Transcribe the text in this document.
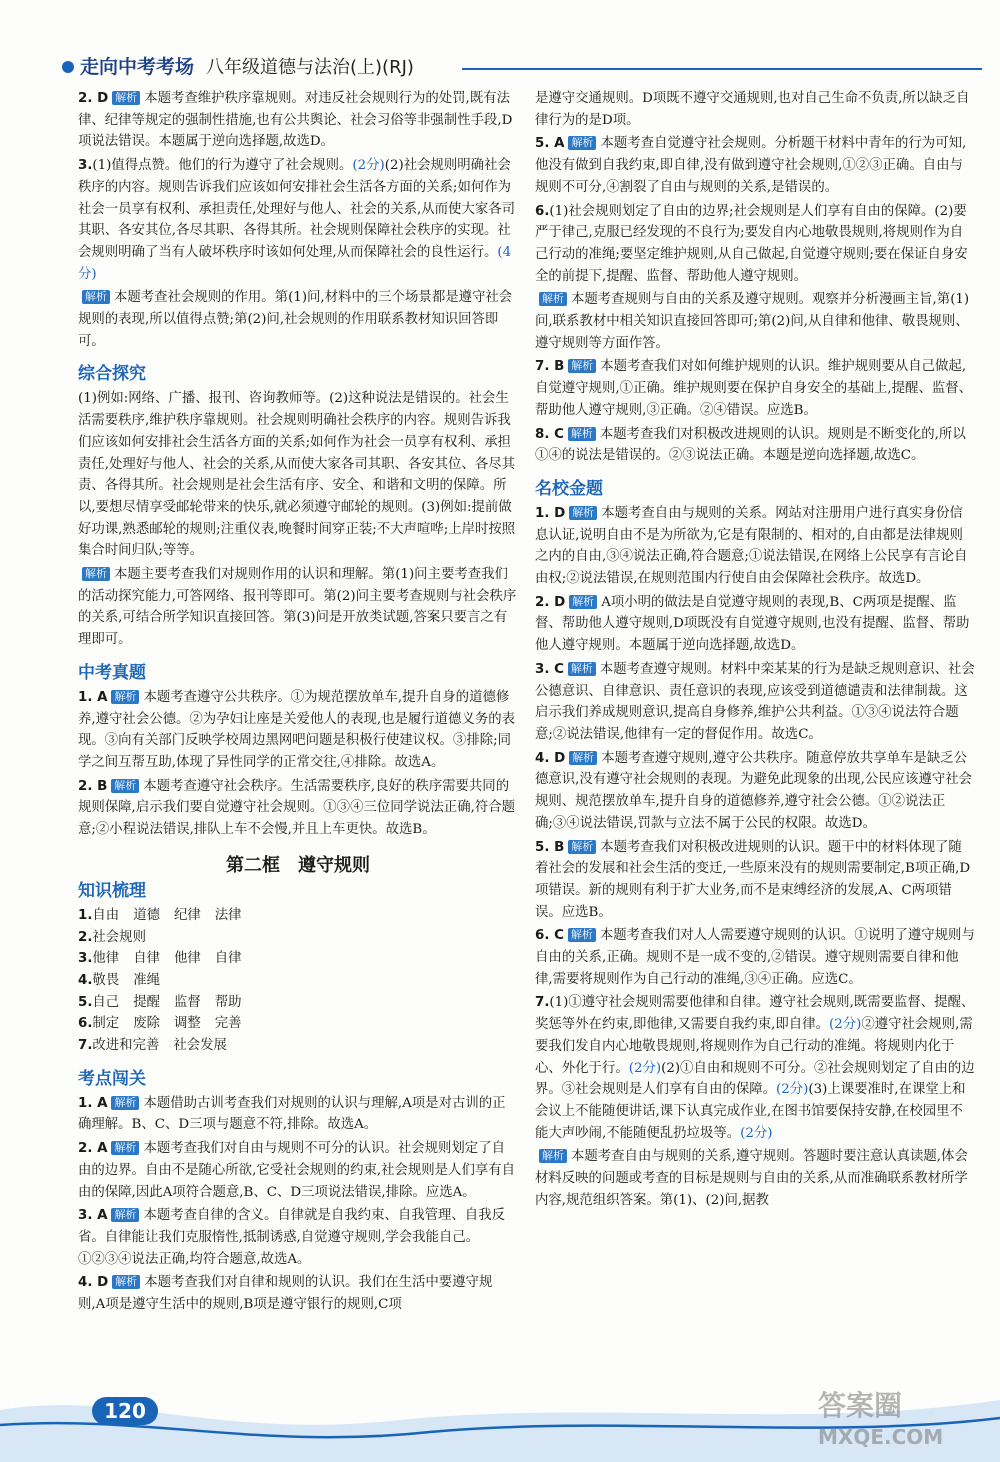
走向中考考场 八年级道德与法治(上)(RJ)

2. D 解析 本题考查维护秩序靠规则。对违反社会规则行为的处罚,既有法律、纪律等规定的强制性措施,也有公共舆论、社会习俗等非强制性手段,D项说法错误。本题属于逆向选择题,故选D。

3.(1)值得点赞。他们的行为遵守了社会规则。(2分)(2)社会规则明确社会秩序的内容。规则告诉我们应该如何安排社会生活各方面的关系;如何作为社会一员享有权利、承担责任,处理好与他人、社会的关系,从而使大家各司其职、各安其位,各尽其职、各得其所。社会规则保障社会秩序的实现。社会规则明确了当有人破坏秩序时该如何处理,从而保障社会的良性运行。(4分)

解析 本题考查社会规则的作用。第(1)问,材料中的三个场景都是遵守社会规则的表现,所以值得点赞;第(2)问,社会规则的作用联系教材知识回答即可。

综合探究

(1)例如:网络、广播、报刊、咨询教师等。(2)这种说法是错误的。社会生活需要秩序,维护秩序靠规则。社会规则明确社会秩序的内容。规则告诉我们应该如何安排社会生活各方面的关系;如何作为社会一员享有权利、承担责任,处理好与他人、社会的关系,从而使大家各司其职、各安其位、各尽其责、各得其所。社会规则是社会生活有序、安全、和谐和文明的保障。所以,要想尽情享受邮轮带来的快乐,就必须遵守邮轮的规则。(3)例如:提前做好功课,熟悉邮轮的规则;注重仪表,晚餐时间穿正装;不大声喧哗;上岸时按照集合时间归队;等等。

解析 本题主要考查我们对规则作用的认识和理解。第(1)问主要考查我们的活动探究能力,可答网络、报刊等即可。第(2)问主要考查规则与社会秩序的关系,可结合所学知识直接回答。第(3)问是开放类试题,答案只要言之有理即可。

中考真题

1. A 解析 本题考查遵守公共秩序。①为规范摆放单车,提升自身的道德修养,遵守社会公德。②为孕妇让座是关爱他人的表现,也是履行道德义务的表现。③向有关部门反映学校周边黑网吧问题是积极行使建议权。③排除;同学之间互帮互助,体现了异性同学的正常交往,④排除。故选A。

2. B 解析 本题考查遵守社会秩序。生活需要秩序,良好的秩序需要共同的规则保障,启示我们要自觉遵守社会规则。①③④三位同学说法正确,符合题意;②小程说法错误,排队上车不会慢,并且上车更快。故选B。

第二框　遵守规则
知识梳理

1.自由 道德 纪律 法律

2.社会规则

3.他律 自律 他律 自律

4.敬畏 准绳

5.自己 提醒 监督 帮助

6.制定 废除 调整 完善

7.改进和完善 社会发展

考点闯关

1. A 解析 本题借助古训考查我们对规则的认识与理解,A项是对古训的正确理解。B、C、D三项与题意不符,排除。故选A。

2. A 解析 本题考查我们对自由与规则不可分的认识。社会规则划定了自由的边界。自由不是随心所欲,它受社会规则的约束,社会规则是人们享有自由的保障,因此A项符合题意,B、C、D三项说法错误,排除。应选A。

3. A 解析 本题考查自律的含义。自律就是自我约束、自我管理、自我反省。自律能让我们克服惰性,抵制诱惑,自觉遵守规则,学会我能自己。①②③④说法正确,均符合题意,故选A。

4. D 解析 本题考查我们对自律和规则的认识。我们在生活中要遵守规则,A项是遵守生活中的规则,B项是遵守银行的规则,C项

是遵守交通规则。D项既不遵守交通规则,也对自己生命不负责,所以缺乏自律行为的是D项。

5. A 解析 本题考查自觉遵守社会规则。分析题干材料中青年的行为可知,他没有做到自我约束,即自律,没有做到遵守社会规则,①②③正确。自由与规则不可分,④割裂了自由与规则的关系,是错误的。

6.(1)社会规则划定了自由的边界;社会规则是人们享有自由的保障。(2)要严于律己,克服已经发现的不良行为;要发自内心地敬畏规则,将规则作为自己行动的准绳;要坚定维护规则,从自己做起,自觉遵守规则;要在保证自身安全的前提下,提醒、监督、帮助他人遵守规则。

解析 本题考查规则与自由的关系及遵守规则。观察并分析漫画主旨,第(1)问,联系教材中相关知识直接回答即可;第(2)问,从自律和他律、敬畏规则、遵守规则等方面作答。

7. B 解析 本题考查我们对如何维护规则的认识。维护规则要从自己做起,自觉遵守规则,①正确。维护规则要在保护自身安全的基础上,提醒、监督、帮助他人遵守规则,③正确。②④错误。应选B。

8. C 解析 本题考查我们对积极改进规则的认识。规则是不断变化的,所以①④的说法是错误的。②③说法正确。本题是逆向选择题,故选C。

名校金题

1. D 解析 本题考查自由与规则的关系。网站对注册用户进行真实身份信息认证,说明自由不是为所欲为,它是有限制的、相对的,自由都是法律规则之内的自由,③④说法正确,符合题意;①说法错误,在网络上公民享有言论自由权;②说法错误,在规则范围内行使自由会保障社会秩序。故选D。

2. D 解析 A项小明的做法是自觉遵守规则的表现,B、C两项是提醒、监督、帮助他人遵守规则,D项既没有自觉遵守规则,也没有提醒、监督、帮助他人遵守规则。本题属于逆向选择题,故选D。

3. C 解析 本题考查遵守规则。材料中栾某某的行为是缺乏规则意识、社会公德意识、自律意识、责任意识的表现,应该受到道德谴责和法律制裁。这启示我们养成规则意识,提高自身修养,维护公共利益。①③④说法符合题意;②说法错误,他律有一定的督促作用。故选C。

4. D 解析 本题考查遵守规则,遵守公共秩序。随意停放共享单车是缺乏公德意识,没有遵守社会规则的表现。为避免此现象的出现,公民应该遵守社会规则、规范摆放单车,提升自身的道德修养,遵守社会公德。①②说法正确;③④说法错误,罚款与立法不属于公民的权限。故选D。

5. B 解析 本题考查我们对积极改进规则的认识。题干中的材料体现了随着社会的发展和社会生活的变迁,一些原来没有的规则需要制定,B项正确,D项错误。新的规则有利于扩大业务,而不是束缚经济的发展,A、C两项错误。应选B。

6. C 解析 本题考查我们对人人需要遵守规则的认识。①说明了遵守规则与自由的关系,正确。规则不是一成不变的,②错误。遵守规则需要自律和他律,需要将规则作为自己行动的准绳,③④正确。应选C。

7.(1)①遵守社会规则需要他律和自律。遵守社会规则,既需要监督、提醒、奖惩等外在约束,即他律,又需要自我约束,即自律。(2分)②遵守社会规则,需要我们发自内心地敬畏规则,将规则作为自己行动的准绳。将规则内化于心、外化于行。(2分)(2)①自由和规则不可分。②社会规则划定了自由的边界。③社会规则是人们享有自由的保障。(2分)(3)上课要准时,在课堂上和会议上不能随便讲话,课下认真完成作业,在图书馆要保持安静,在校园里不能大声吵闹,不能随便乱扔垃圾等。(2分)

解析 本题考查自由与规则的关系,遵守规则。答题时要注意认真读题,体会材料反映的问题或考查的目标是规则与自由的关系,从而准确联系教材所学内容,规范组织答案。第(1)、(2)问,据教

120	答案圈
MXQE.COM
